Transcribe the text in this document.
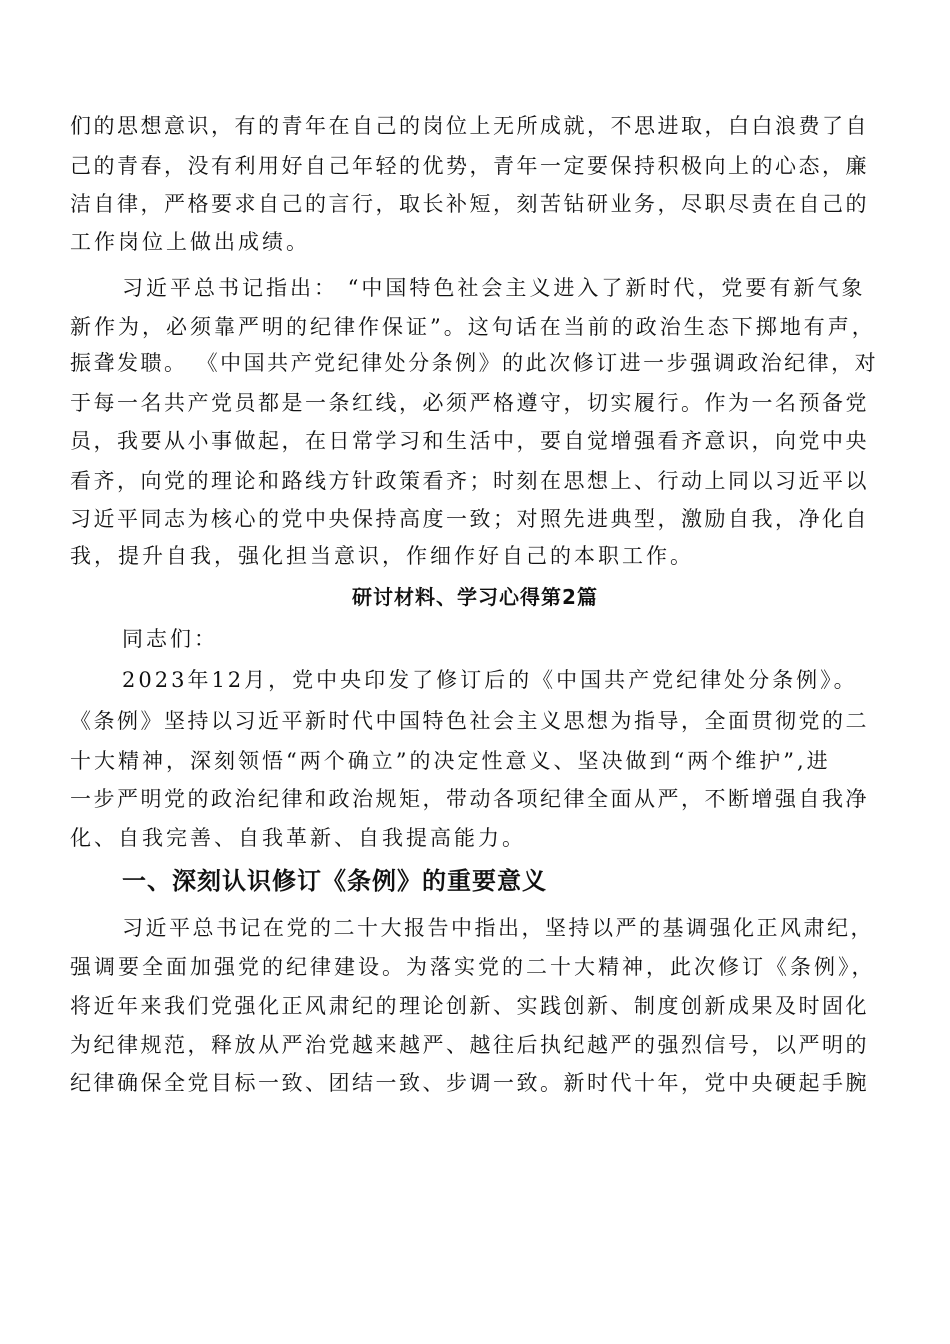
们的思想意识，有的青年在自己的岗位上无所成就，不思进取，白白浪费了自
己的青春，没有利用好自己年轻的优势，青年一定要保持积极向上的心态，廉
洁自律，严格要求自己的言行，取长补短，刻苦钻研业务，尽职尽责在自己的
工作岗位上做出成绩。
习近平总书记指出： “中国特色社会主义进入了新时代，党要有新气象
新作为，必须靠严明的纪律作保证”。这句话在当前的政治生态下掷地有声，
振聋发聩。 《中国共产党纪律处分条例》的此次修订进一步强调政治纪律，对
于每一名共产党员都是一条红线，必须严格遵守，切实履行。作为一名预备党
员，我要从小事做起，在日常学习和生活中，要自觉增强看齐意识，向党中央
看齐，向党的理论和路线方针政策看齐；时刻在思想上、行动上同以习近平以
习近平同志为核心的党中央保持高度一致；对照先进典型，激励自我，净化自
我，提升自我，强化担当意识，作细作好自己的本职工作。
研讨材料、学习心得第2篇
同志们：
2023年12月，党中央印发了修订后的《中国共产党纪律处分条例》。
《条例》坚持以习近平新时代中国特色社会主义思想为指导，全面贯彻党的二
十大精神，深刻领悟“两个确立”的决定性意义、坚决做到“两个维护”,进
一步严明党的政治纪律和政治规矩，带动各项纪律全面从严，不断增强自我净
化、自我完善、自我革新、自我提高能力。
一、深刻认识修订《条例》的重要意义
习近平总书记在党的二十大报告中指出，坚持以严的基调强化正风肃纪，
强调要全面加强党的纪律建设。为落实党的二十大精神，此次修订《条例》，
将近年来我们党强化正风肃纪的理论创新、实践创新、制度创新成果及时固化
为纪律规范，释放从严治党越来越严、越往后执纪越严的强烈信号，以严明的
纪律确保全党目标一致、团结一致、步调一致。新时代十年，党中央硬起手腕
